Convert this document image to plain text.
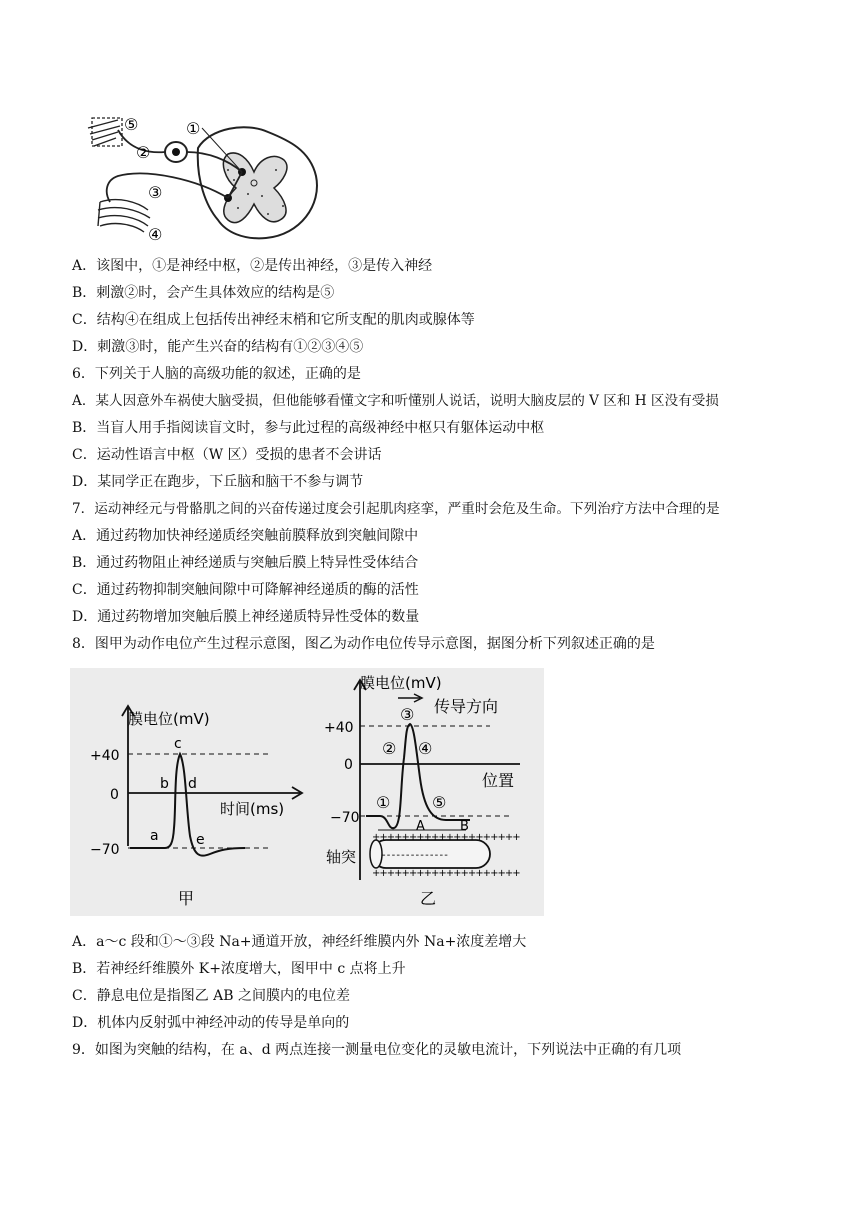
①
②
③
④
⑤
A．该图中，①是神经中枢，②是传出神经，③是传入神经
B．刺激②时，会产生具体效应的结构是⑤
C．结构④在组成上包括传出神经末梢和它所支配的肌肉或腺体等
D．刺激③时，能产生兴奋的结构有①②③④⑤
6．下列关于人脑的高级功能的叙述，正确的是
A．某人因意外车祸使大脑受损，但他能够看懂文字和听懂别人说话，说明大脑皮层的 V 区和 H 区没有受损
B．当盲人用手指阅读盲文时，参与此过程的高级神经中枢只有躯体运动中枢
C．运动性语言中枢（W 区）受损的患者不会讲话
D．某同学正在跑步，下丘脑和脑干不参与调节
7．运动神经元与骨骼肌之间的兴奋传递过度会引起肌肉痉挛，严重时会危及生命。下列治疗方法中合理的是
A．通过药物加快神经递质经突触前膜释放到突触间隙中
B．通过药物阻止神经递质与突触后膜上特异性受体结合
C．通过药物抑制突触间隙中可降解神经递质的酶的活性
D．通过药物增加突触后膜上神经递质特异性受体的数量
8．图甲为动作电位产生过程示意图，图乙为动作电位传导示意图，据图分析下列叙述正确的是
膜电位(mV)
时间(ms)
+40
0
−70
a
b
c
d
e
甲
++++++++++++++++++++
- - - - - - - - - - - - - -
++++++++++++++++++++
膜电位(mV)
传导方向
位置
+40
0
−70
①
②
③
④
⑤
A	B
轴突
乙
A．a～c 段和①～③段 Na+通道开放，神经纤维膜内外 Na+浓度差增大
B．若神经纤维膜外 K+浓度增大，图甲中 c 点将上升
C．静息电位是指图乙 AB 之间膜内的电位差
D．机体内反射弧中神经冲动的传导是单向的
9．如图为突触的结构，在 a、d 两点连接一测量电位变化的灵敏电流计，下列说法中正确的有几项
